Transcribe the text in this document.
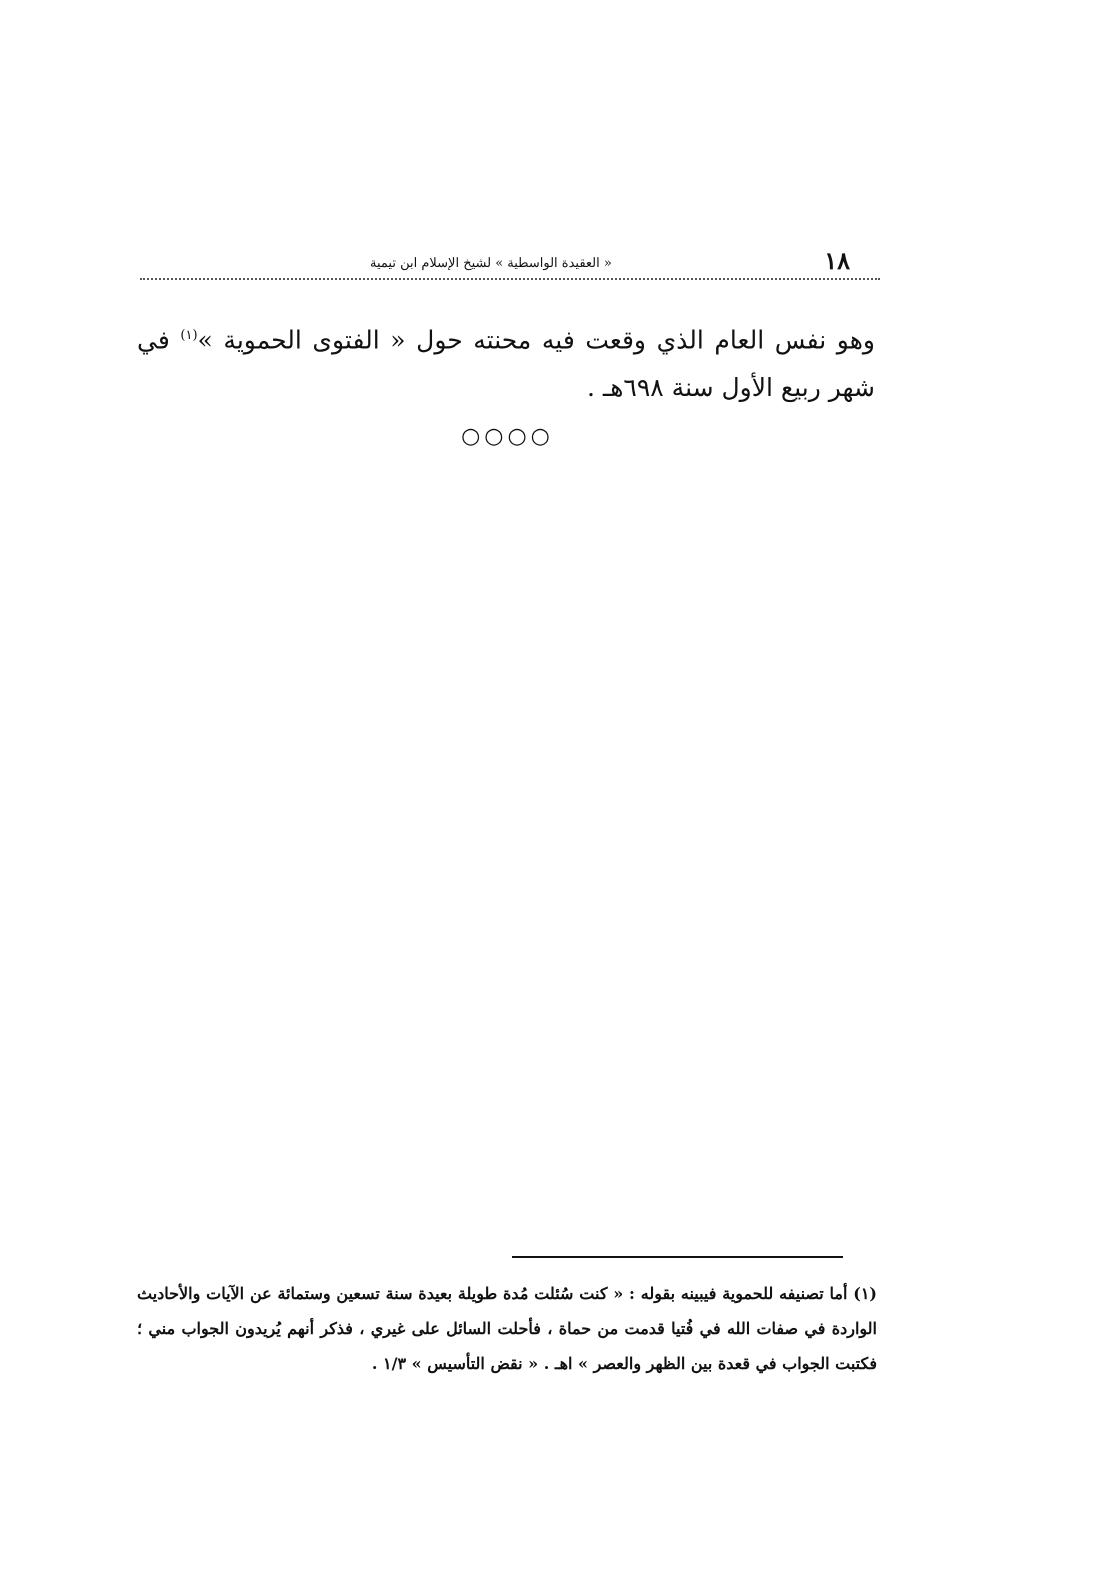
١٨
« العقيدة الواسطية » لشيخ الإسلام ابن تيمية
وهو نفس العام الذي وقعت فيه محنته حول « الفتوى الحموية »$^{(١)}$ في شهر ربيع الأول سنة ٦٩٨هـ .
○○○○
(١) أما تصنيفه للحموية فيبينه بقوله : « كنت سُئلت مُدة طويلة بعيدة سنة تسعين وستمائة عن الآيات والأحاديث الواردة في صفات الله في فُتيا قدمت من حماة ، فأحلت السائل على غيري ، فذكر أنهم يُريدون الجواب مني ؛ فكتبت الجواب في قعدة بين الظهر والعصر » اهـ . « نقض التأسيس » ١/٣ .
